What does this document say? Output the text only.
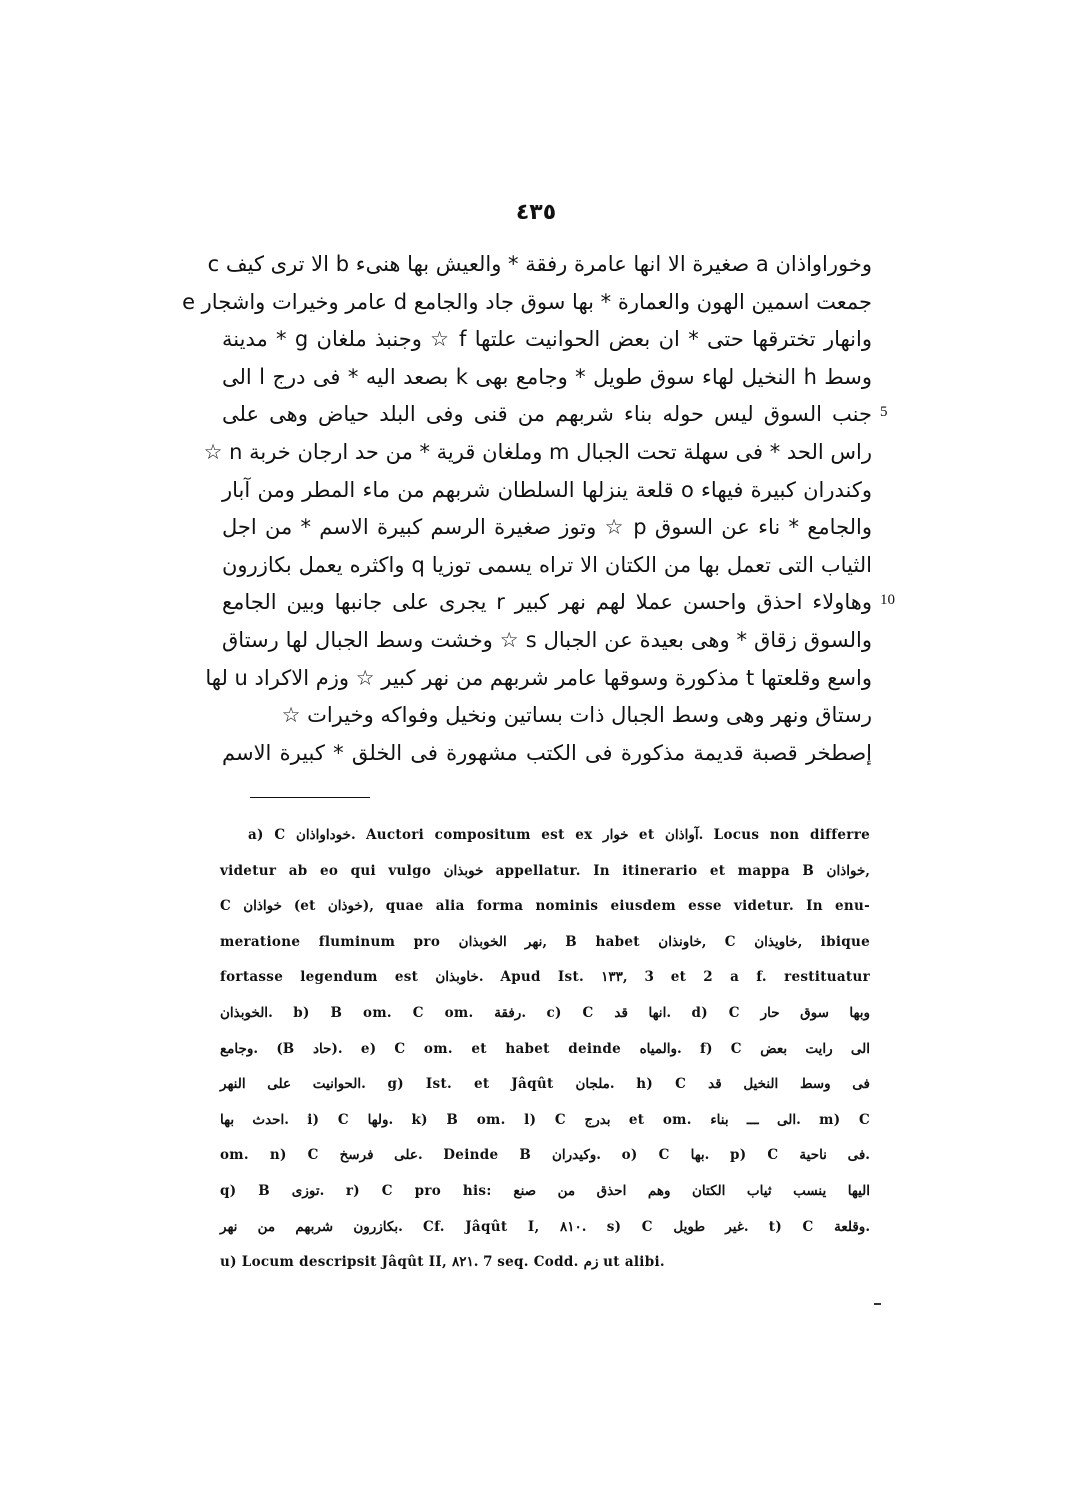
٤٣٥
وخوراواذان a صغيرة الا انها عامرة رفقة * والعيش بها هنىء b الا ترى كيف c
جمعت اسمين الهون والعمارة * بها سوق جاد والجامع d عامر وخيرات واشجار e
وانهار تخترقها حتى * ان بعض الحوانيت علتها f ☆ وجنبذ ملغان g * مدينة
وسط h النخيل لهاء سوق طويل * وجامع بهى k بصعد اليه * فى درج l الى
جنب السوق ليس حوله بناء شربهم من قنى وفى البلد حياض وهى على
راس الحد * فى سهلة تحت الجبال m وملغان قرية * من حد ارجان خربة n ☆
وكندران كبيرة فيهاء o قلعة ينزلها السلطان شربهم من ماء المطر ومن آبار
والجامع * ناء عن السوق p ☆ وتوز صغيرة الرسم كبيرة الاسم * من اجل
الثياب التى تعمل بها من الكتان الا تراه يسمى توزيا q واكثره يعمل بكازرون
وهاولاء احذق واحسن عملا لهم نهر كبير r يجرى على جانبها وبين الجامع
والسوق زقاق * وهى بعيدة عن الجبال s ☆ وخشت وسط الجبال لها رستاق
واسع وقلعتها t مذكورة وسوقها عامر شربهم من نهر كبير ☆ وزم الاكراد u لها
رستاق ونهر وهى وسط الجبال ذات بساتين ونخيل وفواكه وخيرات ☆
إصطخر قصبة قديمة مذكورة فى الكتب مشهورة فى الخلق * كبيرة الاسم
5
10
a) C خوداواذان. Auctori compositum est ex خوار et آواذان. Locus non differre
videtur ab eo qui vulgo خوبذان appellatur. In itinerario et mappa B خواذان,
C خواذان (et خوذان), quae alia forma nominis eiusdem esse videtur. In enu-
meratione fluminum pro نهر الخوبذان, B habet خاونذان, C خاويذان, ibique
fortasse legendum est خاوبذان. Apud Ist. ١٣٣, 3 et 2 a f. restituatur
الخوبذان. b) B om. C om. رفقة. c) C انها قد. d) C وبها سوق حار
وجامع. (B حاد). e) C om. et habet deinde والمياه. f) C الى رايت بعض
الحوانيت على النهر. g) Ist. et Jâqût ملجان. h) C فى وسط النخيل قد
احدث بها. i) C ولها. k) B om. l) C بدرج et om. الى ـــ بناء. m) C
om. n) C على فرسخ. Deinde B وكيدران. o) C بها. p) C فى ناحية.
q) B توزى. r) C pro his: اليها ينسب ثياب الكتان وهم احذق من صنع
بكازرون شربهم من نهر. Cf. Jâqût I, ٨١٠. s) C غير طويل. t) C وقلعة.
u) Locum descripsit Jâqût II, ٨٢١. 7 seq. Codd. زم ut alibi.
